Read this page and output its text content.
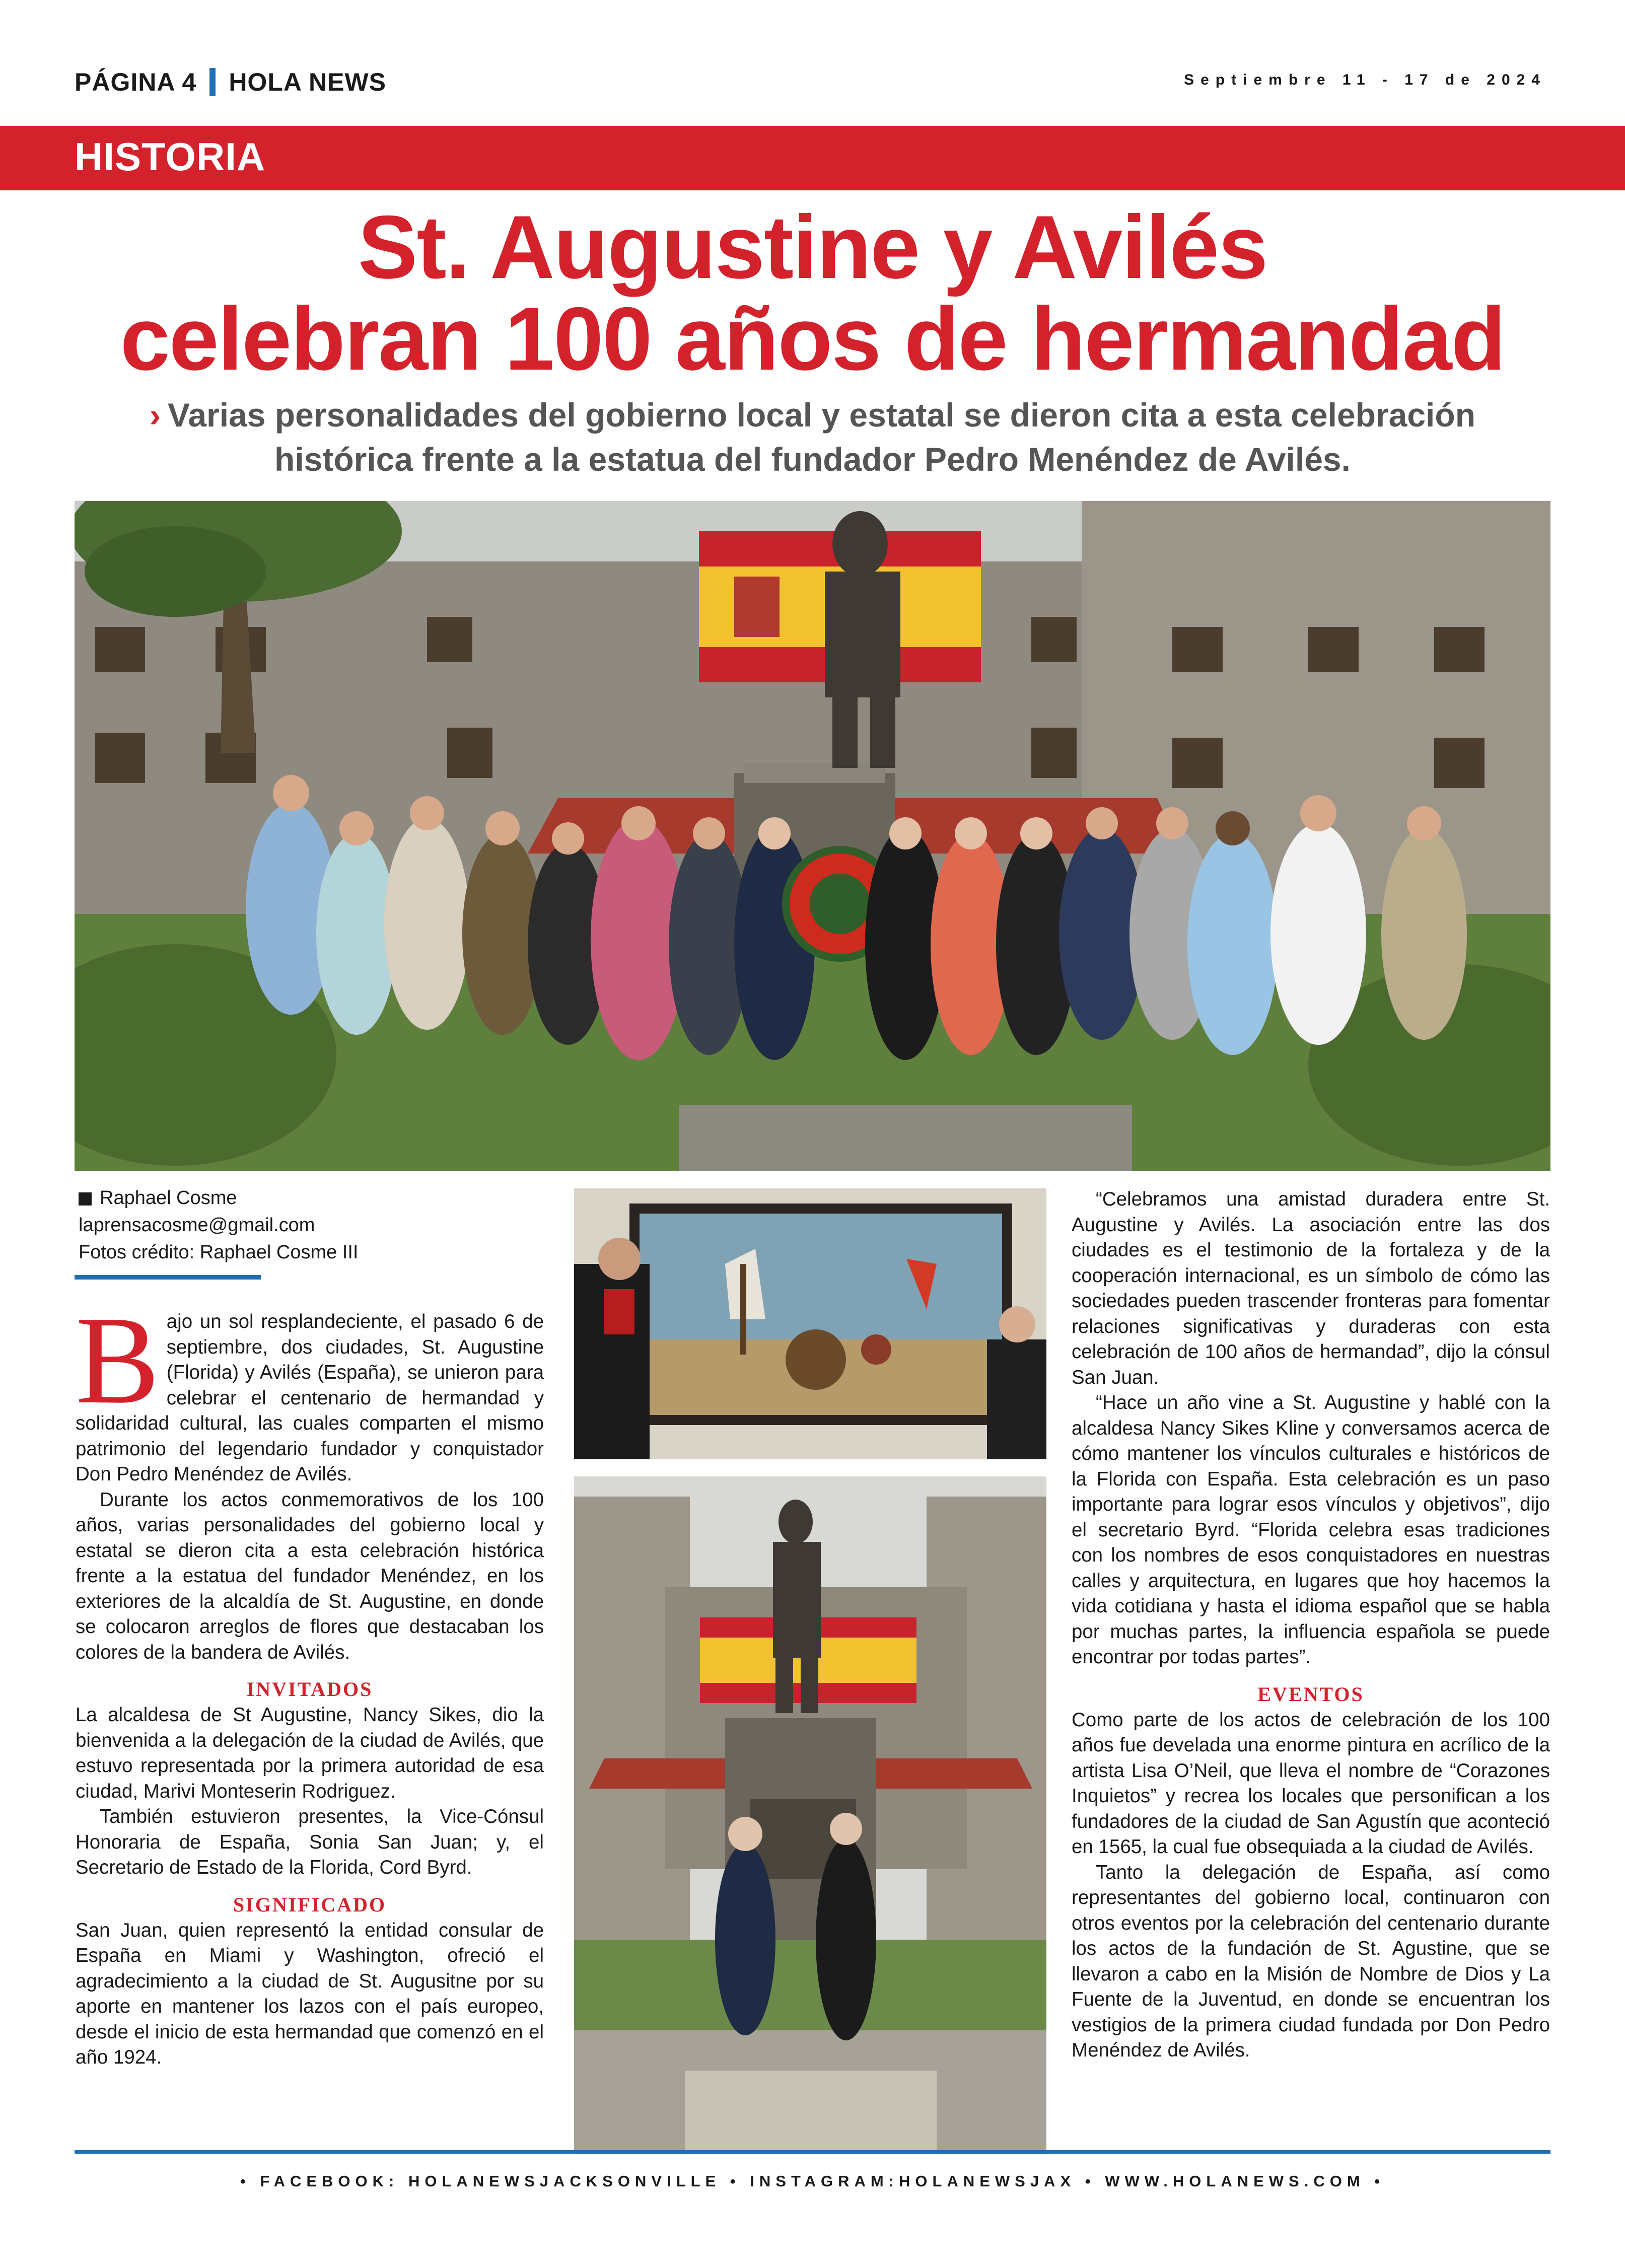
PÁGINA 4 HOLA NEWS	Septiembre 11 - 17 de 2024
HISTORIA
St. Augustine y Avilés
celebran 100 años de hermandad
› Varias personalidades del gobierno local y estatal se dieron cita a esta celebración
histórica frente a la estatua del fundador Pedro Menéndez de Avilés.
Raphael Cosme
laprensacosme@gmail.com
Fotos crédito: Raphael Cosme III

Bajo un sol resplandeciente, el pasado 6 de septiembre, dos ciudades, St. Augustine (Florida) y Avilés (España), se unieron para celebrar el centenario de hermandad y solidaridad cultural, las cuales comparten el mismo patrimonio del legendario fundador y conquistador Don Pedro Menéndez de Avilés.

Durante los actos conmemorativos de los 100 años, varias personalidades del gobierno local y estatal se dieron cita a esta celebración histórica frente a la estatua del fundador Menéndez, en los exteriores de la alcaldía de St. Augustine, en donde se colocaron arreglos de flores que destacaban los colores de la bandera de Avilés.

INVITADOS

La alcaldesa de St Augustine, Nancy Sikes, dio la bienvenida a la delegación de la ciudad de Avilés, que estuvo representada por la primera autoridad de esa ciudad, Marivi Monteserin Rodriguez.

También estuvieron presentes, la Vice-Cónsul Honoraria de España, Sonia San Juan; y, el Secretario de Estado de la Florida, Cord Byrd.

SIGNIFICADO

San Juan, quien representó la entidad consular de España en Miami y Washington, ofreció el agradecimiento a la ciudad de St. Augusitne por su aporte en mantener los lazos con el país europeo, desde el inicio de esta hermandad que comenzó en el año 1924.

“Celebramos una amistad duradera entre St. Augustine y Avilés. La asociación entre las dos ciudades es el testimonio de la fortaleza y de la cooperación internacional, es un símbolo de cómo las sociedades pueden trascender fronteras para fomentar relaciones significativas y duraderas con esta celebración de 100 años de hermandad”, dijo la cónsul San Juan.

“Hace un año vine a St. Augustine y hablé con la alcaldesa Nancy Sikes Kline y conversamos acerca de cómo mantener los vínculos culturales e históricos de la Florida con España. Esta celebración es un paso importante para lograr esos vínculos y objetivos”, dijo el secretario Byrd. “Florida celebra esas tradiciones con los nombres de esos conquistadores en nuestras calles y arquitectura, en lugares que hoy hacemos la vida cotidiana y hasta el idioma español que se habla por muchas partes, la influencia española se puede encontrar por todas partes”.

EVENTOS

Como parte de los actos de celebración de los 100 años fue develada una enorme pintura en acrílico de la artista Lisa O’Neil, que lleva el nombre de “Corazones Inquietos” y recrea los locales que personifican a los fundadores de la ciudad de San Agustín que aconteció en 1565, la cual fue obsequiada a la ciudad de Avilés.

Tanto la delegación de España, así como representantes del gobierno local, continuaron con otros eventos por la celebración del centenario durante los actos de la fundación de St. Agustine, que se llevaron a cabo en la Misión de Nombre de Dios y La Fuente de la Juventud, en donde se encuentran los vestigios de la primera ciudad fundada por Don Pedro Menéndez de Avilés.

• FACEBOOK: HOLANEWSJACKSONVILLE • INSTAGRAM:HOLANEWSJAX • WWW.HOLANEWS.COM •
